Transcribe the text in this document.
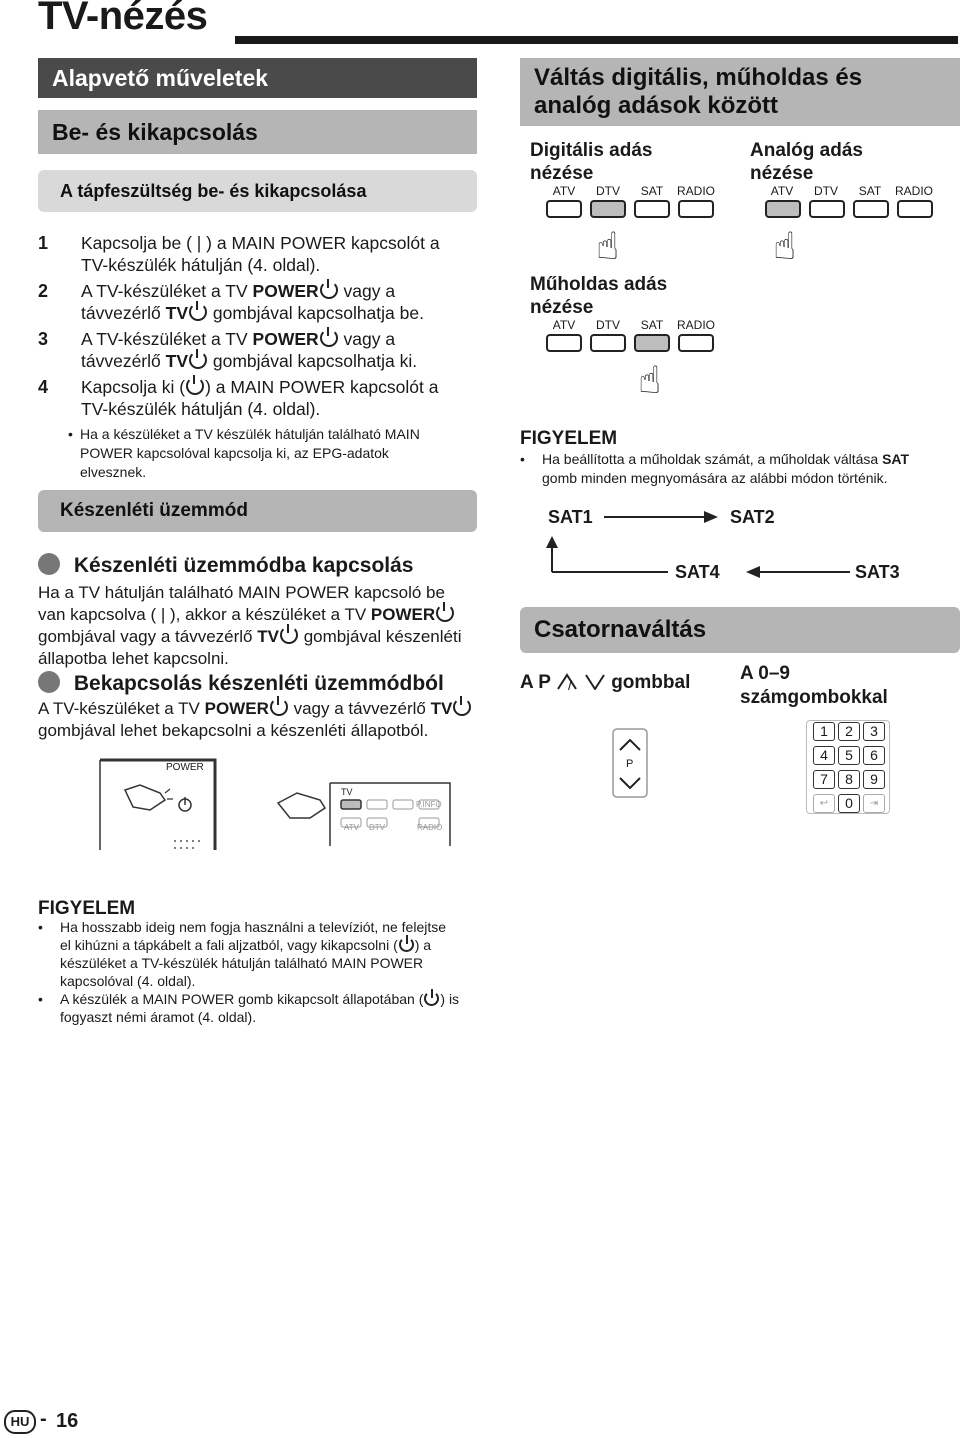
TV-nézés
Alapvető műveletek
Be- és kikapcsolás
A tápfeszültség be- és kikapcsolása
1 Kapcsolja be ( | ) a MAIN POWER kapcsolót a
TV-készülék hátulján (4. oldal).
2 A TV-készüléket a TV POWER vagy a
távvezérlő TV gombjával kapcsolhatja be.
3 A TV-készüléket a TV POWER vagy a
távvezérlő TV gombjával kapcsolhatja ki.
4 Kapcsolja ki ( ) a MAIN POWER kapcsolót a
TV-készülék hátulján (4. oldal).
• Ha a készüléket a TV készülék hátulján található MAIN
POWER kapcsolóval kapcsolja ki, az EPG-adatok
elvesznek.
Készenléti üzemmód
Készenléti üzemmódba kapcsolás
Ha a TV hátulján található MAIN POWER kapcsoló be
van kapcsolva ( | ), akkor a készüléket a TV POWER
gombjával vagy a távvezérlő TV gombjával készenléti
állapotba lehet kapcsolni.
Bekapcsolás készenléti üzemmódból
A TV-készüléket a TV POWER vagy a távvezérlő TV
gombjával lehet bekapcsolni a készenléti állapotból.
POWER
TV
P.INFO
ATV DTV	RADIO
Váltás digitális, műholdas és
analóg adások között
Digitális adás
nézése
ATV	DTV	SAT	RADIO
☝
Analóg adás
nézése
ATV	DTV	SAT	RADIO
☝
Műholdas adás
nézése
ATV	DTV	SAT	RADIO
☝
FIGYELEM
• Ha beállította a műholdak számát, a műholdak váltása SAT
gomb minden megnyomására az alábbi módon történik.
SAT1	SAT2
SAT3
SAT4
Csatornaváltás
A P	gombbal
/
A 0–9
számgombokkal
P
1	2	3
4	5	6
7	8	9
↩	0	⇥
FIGYELEM
• Ha hosszabb ideig nem fogja használni a televíziót, ne felejtse
el kihúzni a tápkábelt a fali aljzatból, vagy kikapcsolni ( ) a
készüléket a TV-készülék hátulján található MAIN POWER
kapcsolóval (4. oldal).
• A készülék a MAIN POWER gomb kikapcsolt állapotában ( ) is
fogyaszt némi áramot (4. oldal).
HU - 16
